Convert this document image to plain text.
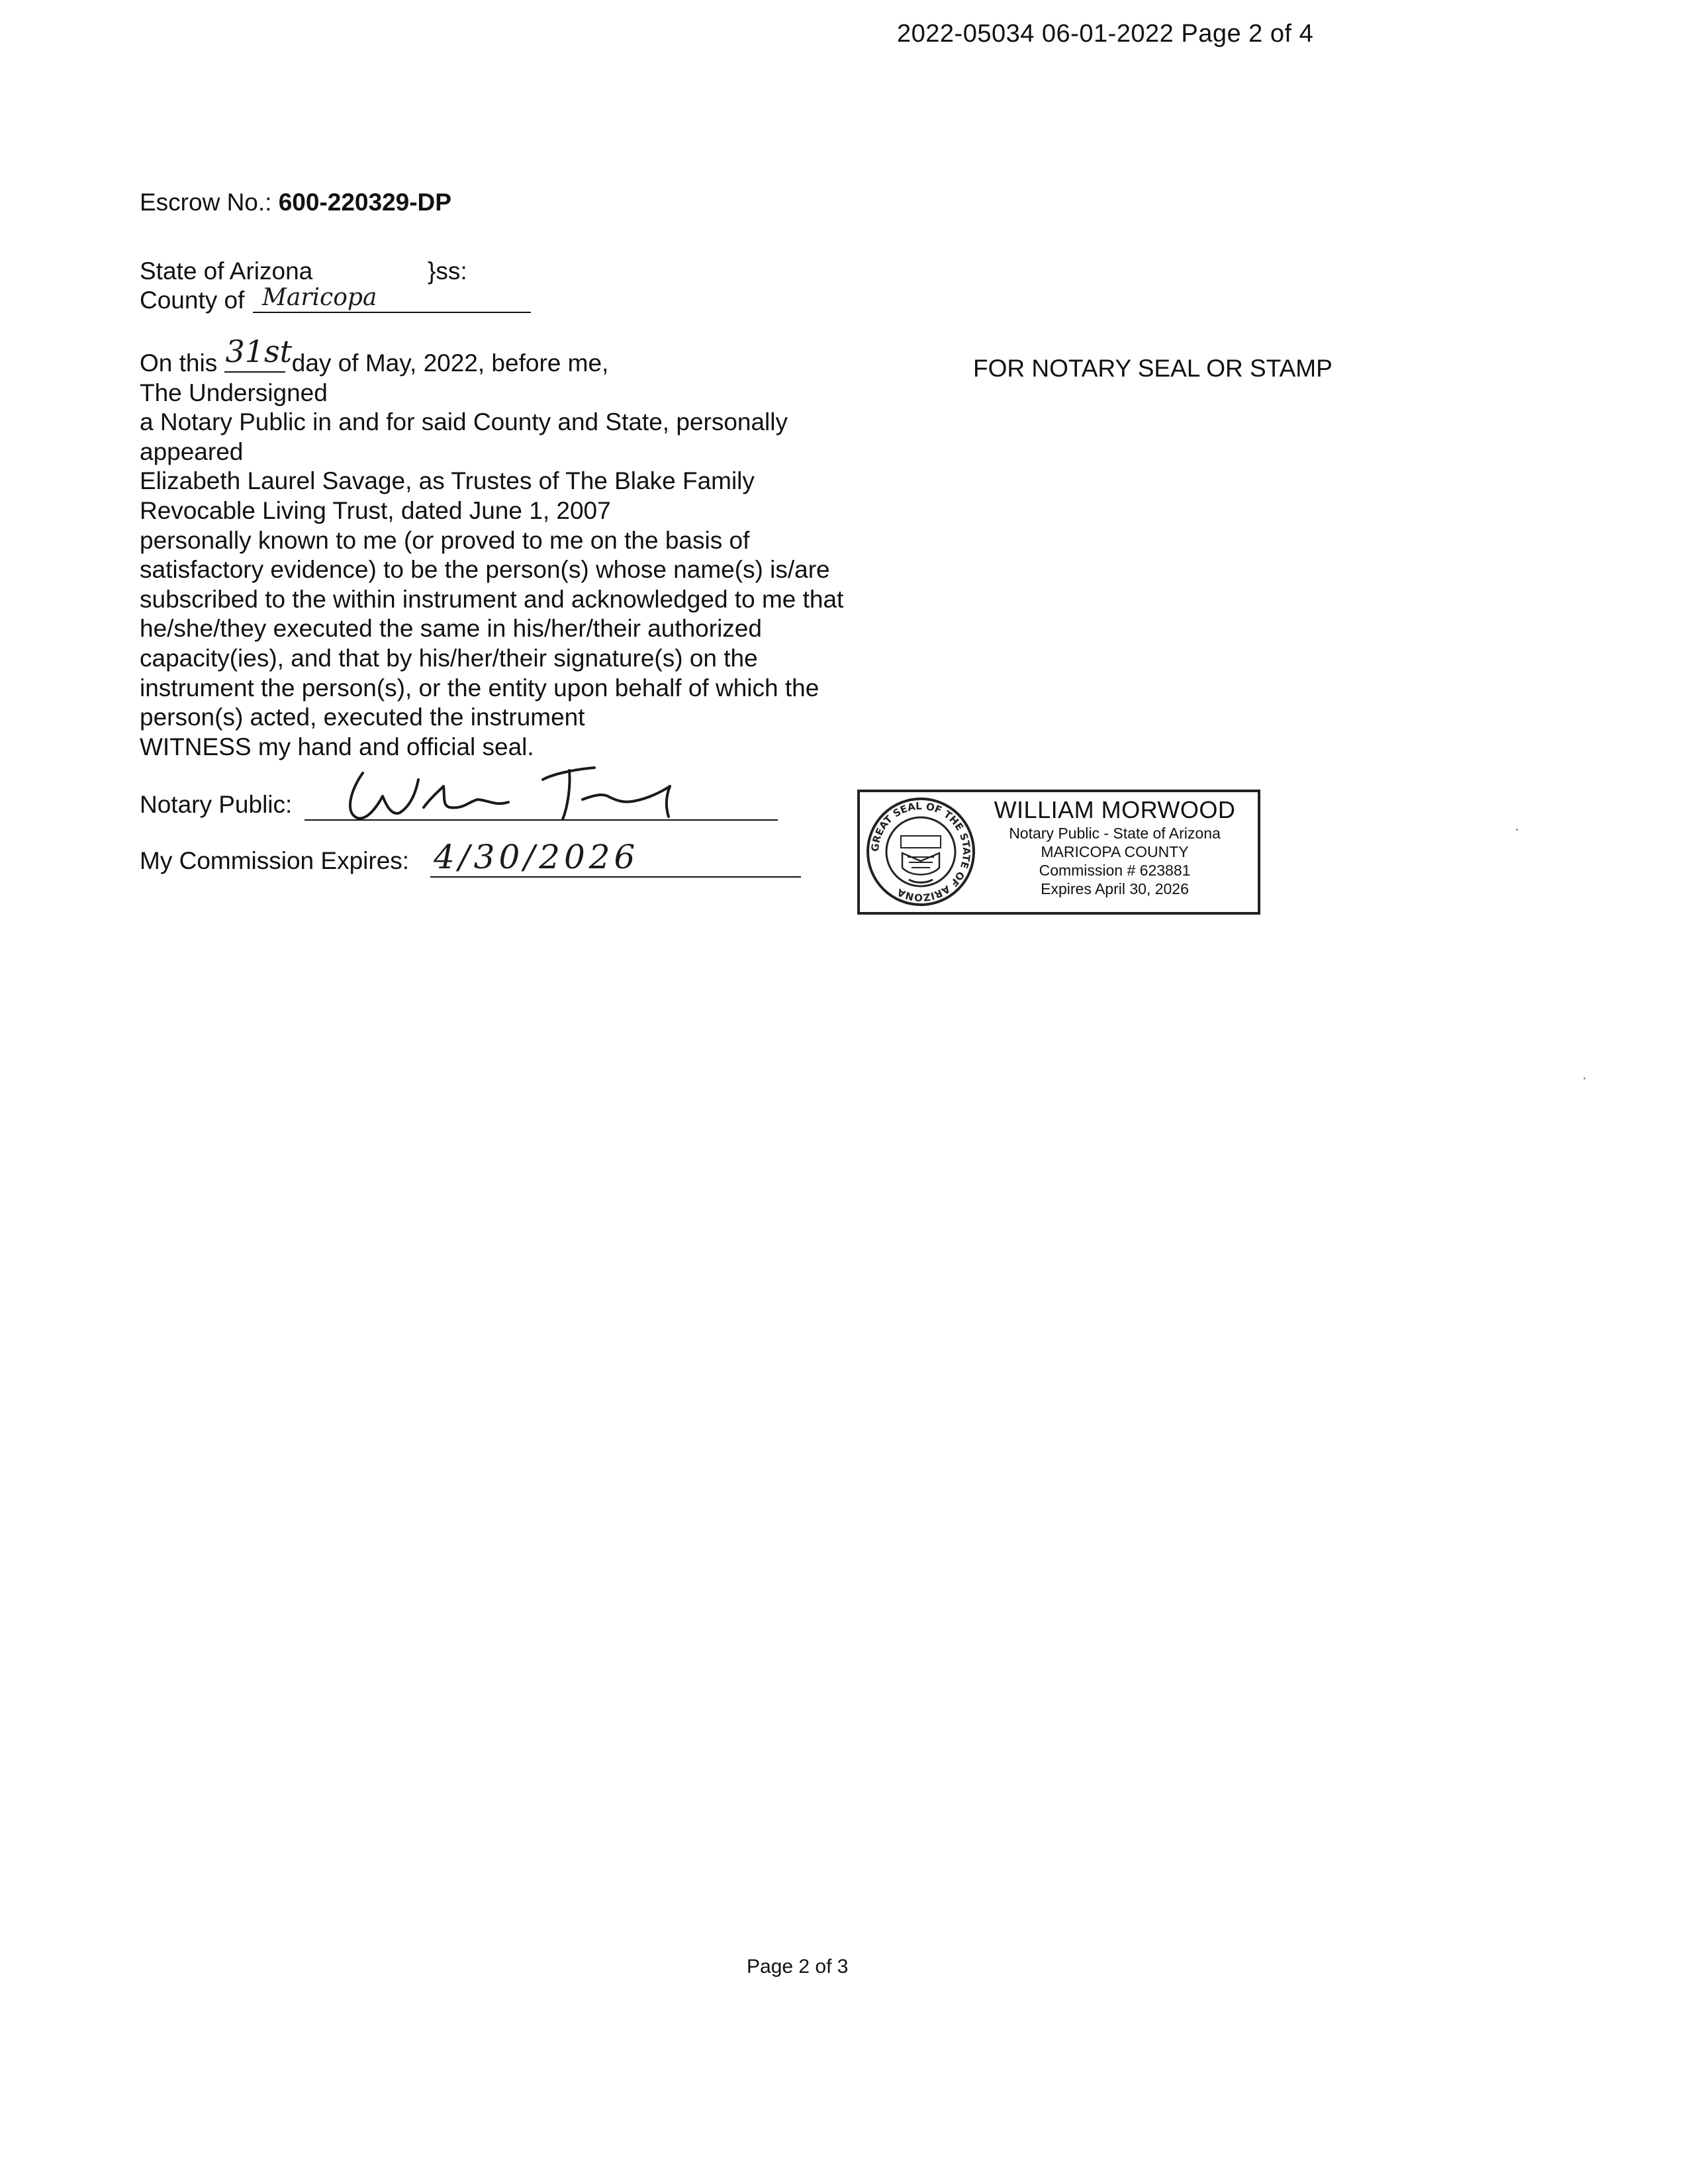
2022-05034 06-01-2022 Page 2 of 4
Escrow No.: 600-220329-DP
State of Arizona	}ss:
County of Maricopa
On this 31st day of May, 2022, before me,
The Undersigned
a Notary Public in and for said County and State, personally
appeared
Elizabeth Laurel Savage, as Trustes of The Blake Family
Revocable Living Trust, dated June 1, 2007
personally known to me (or proved to me on the basis of
satisfactory evidence) to be the person(s) whose name(s) is/are
subscribed to the within instrument and acknowledged to me that
he/she/they executed the same in his/her/their authorized
capacity(ies), and that by his/her/their signature(s) on the
instrument the person(s), or the entity upon behalf of which the
person(s) acted, executed the instrument
WITNESS my hand and official seal.
FOR NOTARY SEAL OR STAMP
Notary Public:
My Commission Expires: 4/30/2026	GREAT SEAL OF THE STATE OF ARIZONA
WILLIAM MORWOOD
Notary Public - State of Arizona
MARICOPA COUNTY
Commission # 623881
Expires April 30, 2026
Page 2 of 3
